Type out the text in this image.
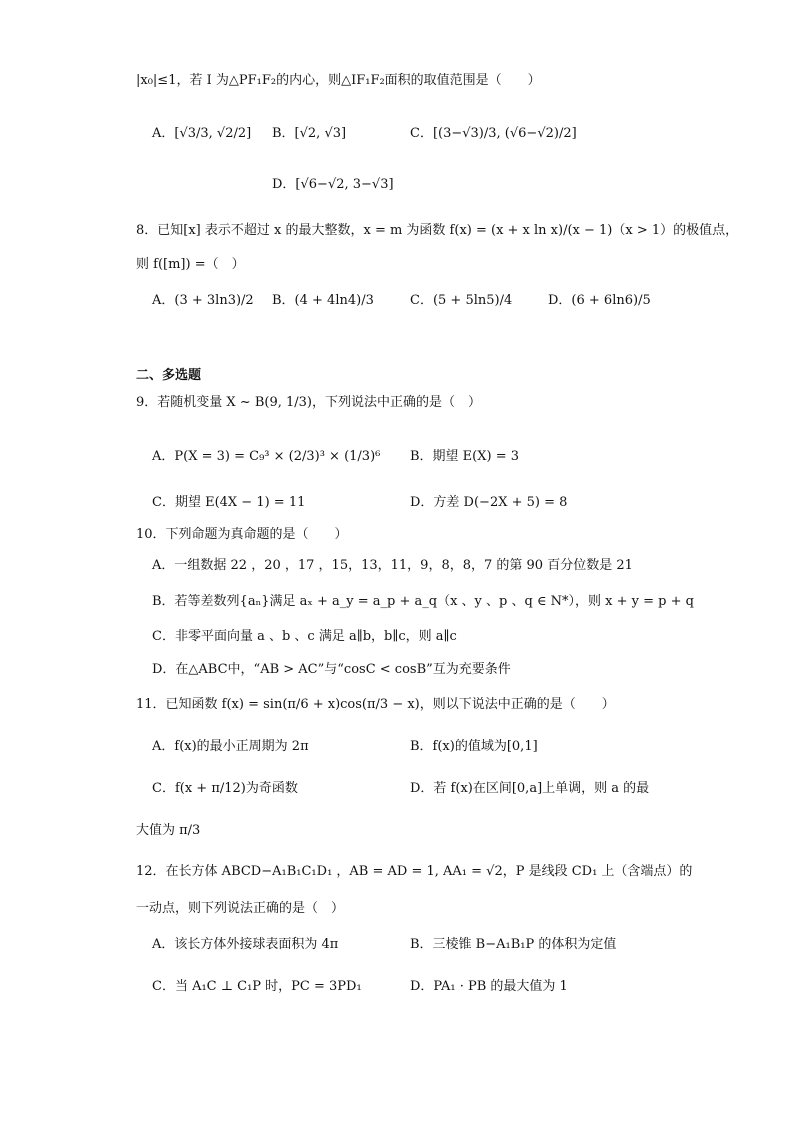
|x₀|≤1，若 I 为△PF₁F₂的内心，则△IF₁F₂面积的取值范围是（　　）
A．[√3/3, √2/2] B．[√2, √3]	C．[(3−√3)/3, (√6−√2)/2]
D．[√6−√2, 3−√3]
8．已知[x] 表示不超过 x 的最大整数，x = m 为函数 f(x) = (x + x ln x)/(x − 1)（x > 1）的极值点，
则 f([m]) =（　）
A．(3 + 3ln3)/2 B．(4 + 4ln4)/3	C．(5 + 5ln5)/4	D．(6 + 6ln6)/5
二、多选题
9．若随机变量 X ~ B(9, 1/3)，下列说法中正确的是（　）
A．P(X = 3) = C₉³ × (2/3)³ × (1/3)⁶ B．期望 E(X) = 3
C．期望 E(4X − 1) = 11	D．方差 D(−2X + 5) = 8
10．下列命题为真命题的是（　　）
A．一组数据 22 ，20 ，17 ，15，13，11，9，8，8，7 的第 90 百分位数是 21
B．若等差数列{aₙ}满足 aₓ + a_y = a_p + a_q（x 、y 、p 、q ∈ N*），则 x + y = p + q
C．非零平面向量 a 、b 、c 满足 a∥b，b∥c，则 a∥c
D．在△ABC中，“AB > AC”与“cosC < cosB”互为充要条件
11．已知函数 f(x) = sin(π/6 + x)cos(π/3 − x)，则以下说法中正确的是（　　）
A．f(x)的最小正周期为 2π	B．f(x)的值域为[0,1]
C．f(x + π/12)为奇函数	D．若 f(x)在区间[0,a]上单调，则 a 的最
大值为 π/3
12．在长方体 ABCD−A₁B₁C₁D₁ ，AB = AD = 1, AA₁ = √2，P 是线段 CD₁ 上（含端点）的
一动点，则下列说法正确的是（　）
A．该长方体外接球表面积为 4π	B．三棱锥 B−A₁B₁P 的体积为定值
C．当 A₁C ⊥ C₁P 时，PC = 3PD₁	D．PA₁ · PB 的最大值为 1
